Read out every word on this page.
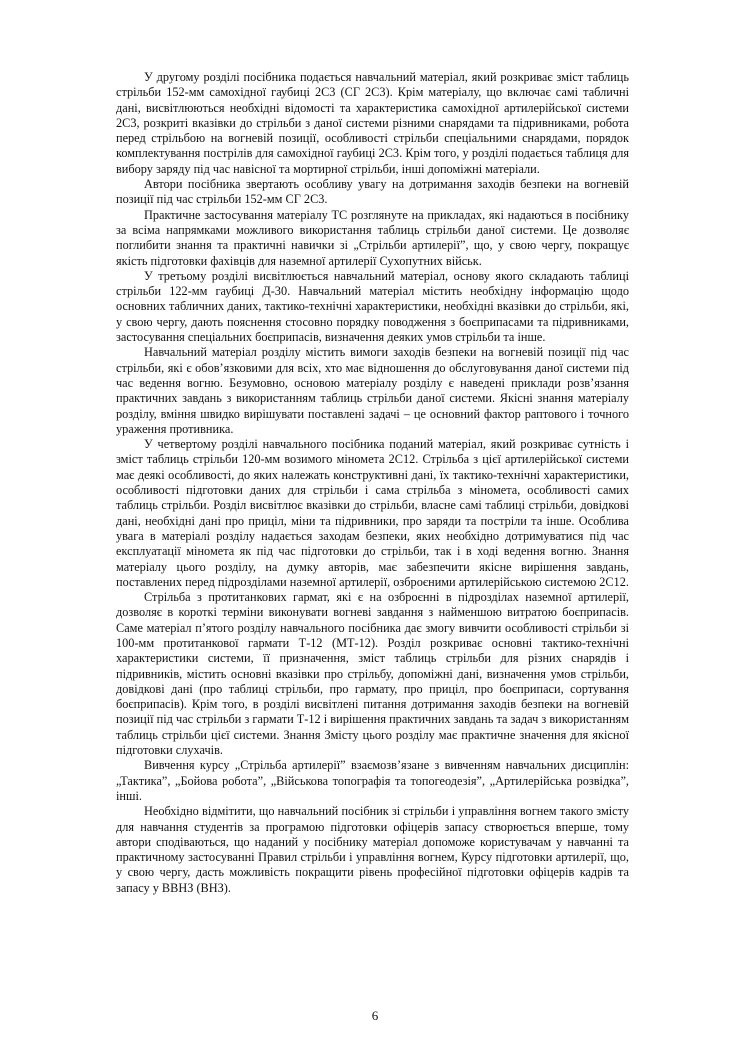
У другому розділі посібника подається навчальний матеріал, який розкриває зміст таблиць стрільби 152-мм самохідної гаубиці 2С3 (СГ 2С3). Крім матеріалу, що включає самі табличні дані, висвітлюються необхідні відомості та характеристика самохідної артилерійської системи 2С3, розкриті вказівки до стрільби з даної системи різними снарядами та підривниками, робота перед стрільбою на вогневій позиції, особливості стрільби спеціальними снарядами, порядок комплектування пострілів для самохідної гаубиці 2С3. Крім того, у розділі подається таблиця для вибору заряду під час навісної та мортирної стрільби, інші допоміжні матеріали.

Автори посібника звертають особливу увагу на дотримання заходів безпеки на вогневій позиції під час стрільби 152-мм СГ 2С3.

Практичне застосування матеріалу ТС розглянуте на прикладах, які надаються в посібнику за всіма напрямками можливого використання таблиць стрільби даної системи. Це дозволяє поглибити знання та практичні навички зі „Стрільби артилерії”, що, у свою чергу, покращує якість підготовки фахівців для наземної артилерії Сухопутних військ.

У третьому розділі висвітлюється навчальний матеріал, основу якого складають таблиці стрільби 122-мм гаубиці Д-30. Навчальний матеріал містить необхідну інформацію щодо основних табличних даних, тактико-технічні характеристики, необхідні вказівки до стрільби, які, у свою чергу, дають пояснення стосовно порядку поводження з боєприпасами та підривниками, застосування спеціальних боєприпасів, визначення деяких умов стрільби та інше.

Навчальний матеріал розділу містить вимоги заходів безпеки на вогневій позиції під час стрільби, які є обов’язковими для всіх, хто має відношення до обслуговування даної системи під час ведення вогню. Безумовно, основою матеріалу розділу є наведені приклади розв’язання практичних завдань з використанням таблиць стрільби даної системи. Якісні знання матеріалу розділу, вміння швидко вирішувати поставлені задачі – це основний фактор раптового і точного ураження противника.

У четвертому розділі навчального посібника поданий матеріал, який розкриває сутність і зміст таблиць стрільби 120-мм возимого міномета 2С12. Стрільба з цієї артилерійської системи має деякі особливості, до яких належать конструктивні дані, їх тактико-технічні характеристики, особливості підготовки даних для стрільби і сама стрільба з міномета, особливості самих таблиць стрільби. Розділ висвітлює вказівки до стрільби, власне самі таблиці стрільби, довідкові дані, необхідні дані про приціл, міни та підривники, про заряди та постріли та інше. Особлива увага в матеріалі розділу надається заходам безпеки, яких необхідно дотримуватися під час експлуатації міномета як під час підготовки до стрільби, так і в ході ведення вогню. Знання матеріалу цього розділу, на думку авторів, має забезпечити якісне вирішення завдань, поставлених перед підрозділами наземної артилерії, озброєними артилерійською системою 2С12.

Стрільба з протитанкових гармат, які є на озброєнні в підрозділах наземної артилерії, дозволяє в короткі терміни виконувати вогневі завдання з найменшою витратою боєприпасів. Саме матеріал п’ятого розділу навчального посібника дає змогу вивчити особливості стрільби зі 100-мм протитанкової гармати Т-12 (МТ-12). Розділ розкриває основні тактико-технічні характеристики системи, її призначення, зміст таблиць стрільби для різних снарядів і підривників, містить основні вказівки про стрільбу, допоміжні дані, визначення умов стрільби, довідкові дані (про таблиці стрільби, про гармату, про приціл, про боєприпаси, сортування боєприпасів). Крім того, в розділі висвітлені питання дотримання заходів безпеки на вогневій позиції під час стрільби з гармати Т-12 і вирішення практичних завдань та задач з використанням таблиць стрільби цієї системи. Знання Змісту цього розділу має практичне значення для якісної підготовки слухачів.

Вивчення курсу „Стрільба артилерії” взаємозв’язане з вивченням навчальних дисциплін: „Тактика”, „Бойова робота”, „Військова топографія та топогеодезія”, „Артилерійська розвідка”, інші.

Необхідно відмітити, що навчальний посібник зі стрільби і управління вогнем такого змісту для навчання студентів за програмою підготовки офіцерів запасу створюється вперше, тому автори сподіваються, що наданий у посібнику матеріал допоможе користувачам у навчанні та практичному застосуванні Правил стрільби і управління вогнем, Курсу підготовки артилерії, що, у свою чергу, дасть можливість покращити рівень професійної підготовки офіцерів кадрів та запасу у ВВНЗ (ВНЗ).

6
